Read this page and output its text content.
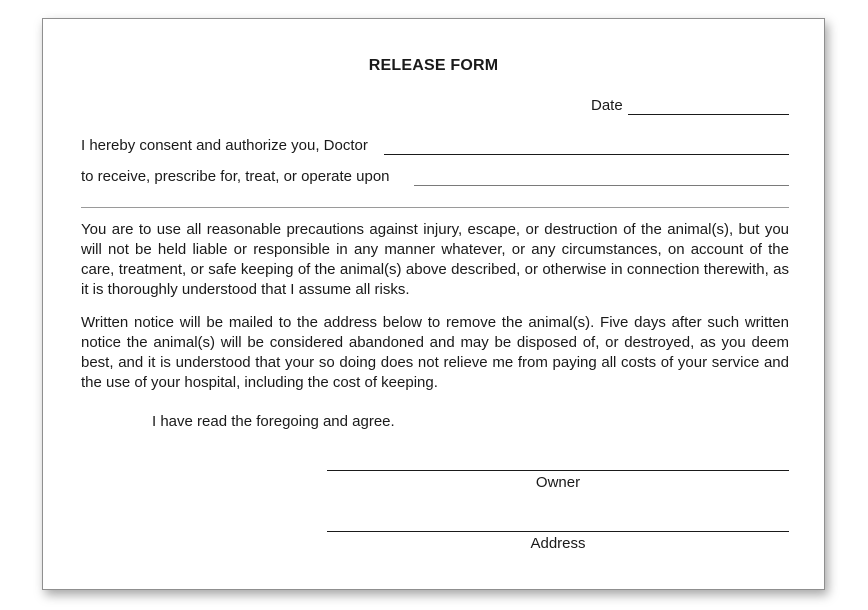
RELEASE FORM
Date
I hereby consent and authorize you, Doctor
to receive, prescribe for, treat, or operate upon

You are to use all reasonable precautions against injury, escape, or destruction of the animal(s), but you will not be held liable or responsible in any manner whatever, or any circumstances, on account of the care, treatment, or safe keeping of the animal(s) above described, or otherwise in connection therewith, as it is thoroughly understood that I assume all risks.

Written notice will be mailed to the address below to remove the animal(s). Five days after such written notice the animal(s) will be considered abandoned and may be disposed of, or destroyed, as you deem best, and it is understood that your so doing does not relieve me from paying all costs of your service and the use of your hospital, including the cost of keeping.

I have read the foregoing and agree.
Owner
Address
